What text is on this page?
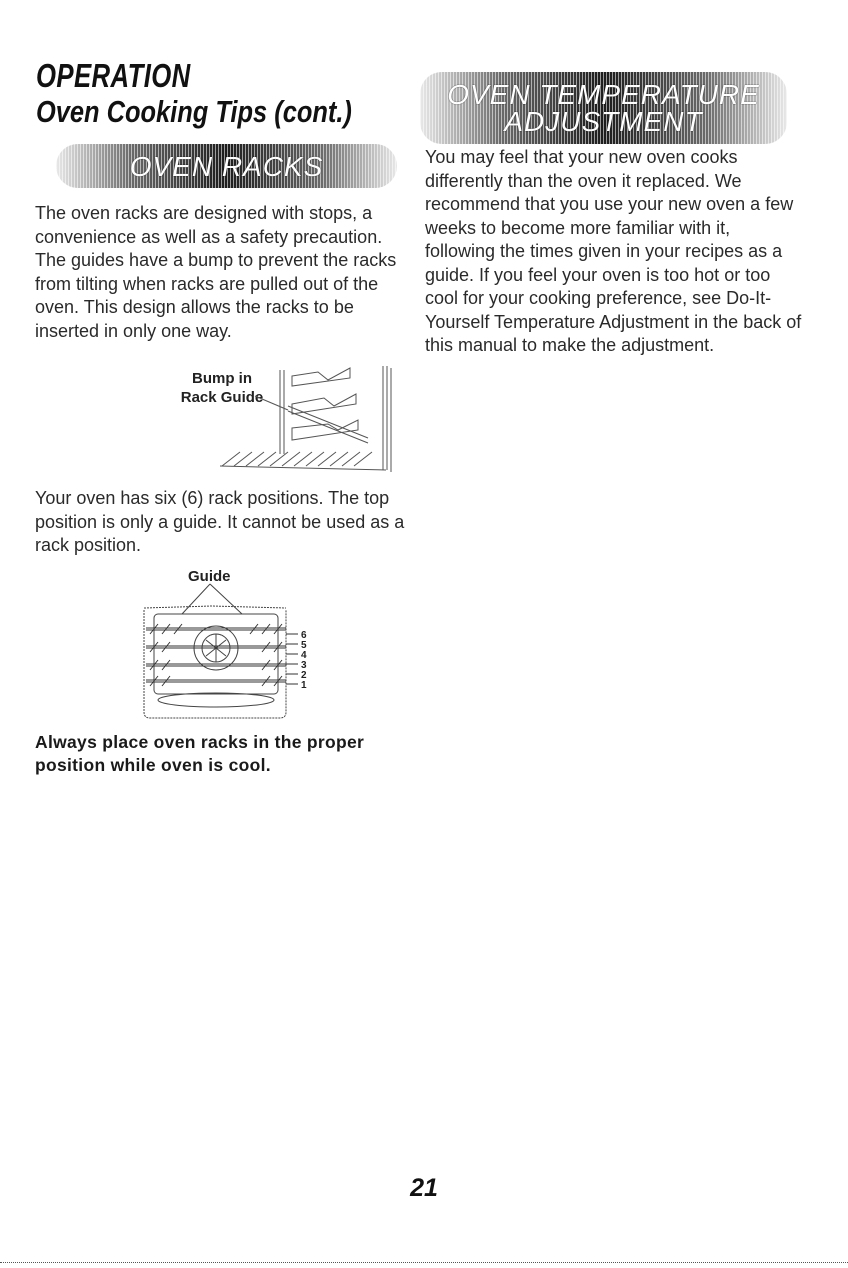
OPERATION
Oven Cooking Tips (cont.)
OVEN RACKS

The oven racks are designed with stops, a convenience as well as a safety precaution. The guides have a bump to prevent the racks from tilting when racks are pulled out of the oven. This design allows the racks to be inserted in only one way.

Bump in
Rack Guide

Your oven has six (6) rack positions. The top position is only a guide. It cannot be used as a rack position.

Guide
6
5
4
3
2
1

Always place oven racks in the proper position while oven is cool.

OVEN TEMPERATURE
ADJUSTMENT

You may feel that your new oven cooks differently than the oven it replaced. We recommend that you use your new oven a few weeks to become more familiar with it, following the times given in your recipes as a guide. If you feel your oven is too hot or too cool for your cooking preference, see Do-It-Yourself Temperature Adjustment in the back of this manual to make the adjustment.

21
